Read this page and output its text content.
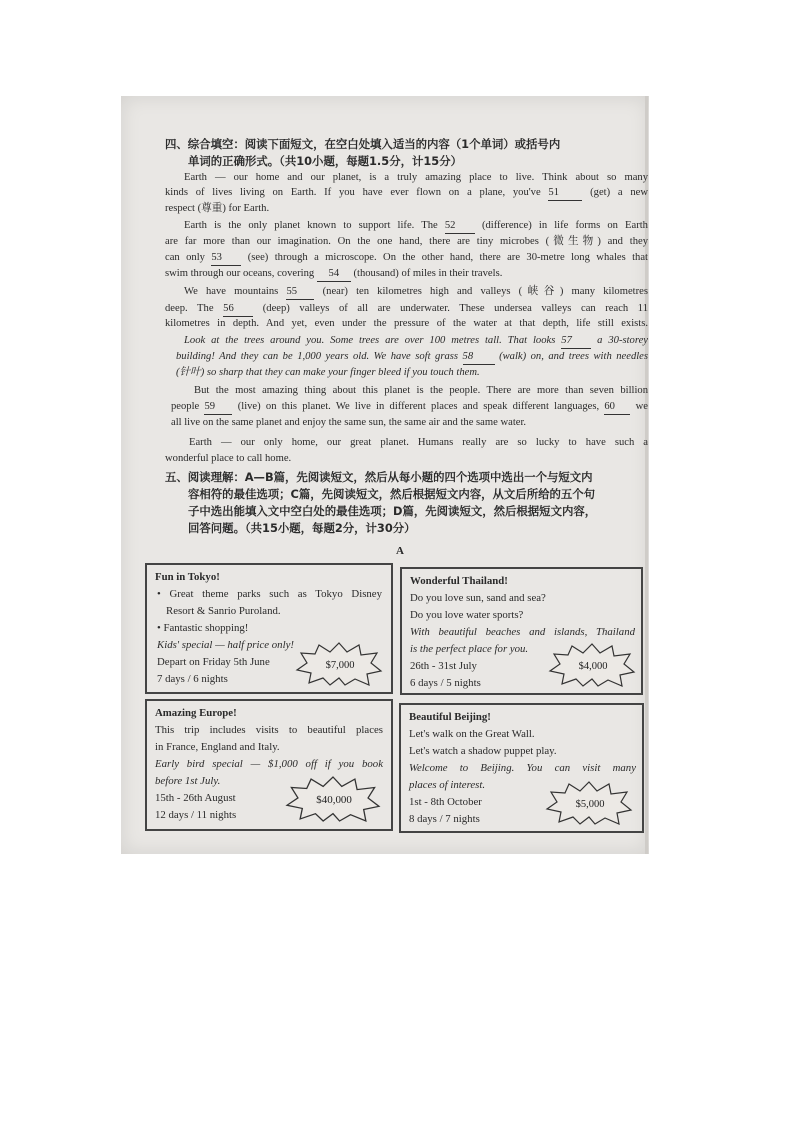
四、综合填空：阅读下面短文，在空白处填入适当的内容（1个单词）或括号内
单词的正确形式。（共10小题，每题1.5分，计15分）
Earth — our home and our planet, is a truly amazing place to live. Think about so many
kinds of lives living on Earth. If you have ever flown on a plane, you've 51	(get) a new
respect (尊重) for Earth.
Earth is the only planet known to support life. The 52	(difference) in life forms on Earth
are far more than our imagination. On the one hand, there are tiny microbes (微生物) and they
can only 53 (see) through a microscope. On the other hand, there are 30-metre long whales that
swim through our oceans, covering 54 (thousand) of miles in their travels.
We have mountains 55 (near) ten kilometres high and valleys (峡谷) many kilometres
deep. The 56	(deep) valleys of all are underwater. These undersea valleys can reach 11
kilometres in depth. And yet, even under the pressure of the water at that depth, life still exists.
Look at the trees around you. Some trees are over 100 metres tall. That looks 57 a 30-storey
building! And they can be 1,000 years old. We have soft grass 58 (walk) on, and trees with needles
(针叶) so sharp that they can make your finger bleed if you touch them.
But the most amazing thing about this planet is the people. There are more than seven billion
people 59 (live) on this planet. We live in different places and speak different languages, 60 we
all live on the same planet and enjoy the same sun, the same air and the same water.
Earth — our only home, our great planet. Humans really are so lucky to have such a
wonderful place to call home.
五、阅读理解：A—B篇，先阅读短文，然后从每小题的四个选项中选出一个与短文内
容相符的最佳选项；C篇，先阅读短文，然后根据短文内容，从文后所给的五个句
子中选出能填入文中空白处的最佳选项；D篇，先阅读短文，然后根据短文内容，
回答问题。（共15小题，每题2分，计30分）
A
Fun in Tokyo!
• Great theme parks such as Tokyo Disney
Resort & Sanrio Puroland.
• Fantastic shopping!
Kids' special — half price only!
Depart on Friday 5th June
7 days / 6 nights
$7,000
Wonderful Thailand!
Do you love sun, sand and sea?
Do you love water sports?
With beautiful beaches and islands, Thailand
is the perfect place for you.
26th - 31st July
6 days / 5 nights
$4,000
Amazing Europe!
This trip includes visits to beautiful places
in France, England and Italy.
Early bird special — $1,000 off if you book
before 1st July.
15th - 26th August
12 days / 11 nights
$40,000
Beautiful Beijing!
Let's walk on the Great Wall.
Let's watch a shadow puppet play.
Welcome to Beijing. You can visit many
places of interest.
1st - 8th October
8 days / 7 nights
$5,000
